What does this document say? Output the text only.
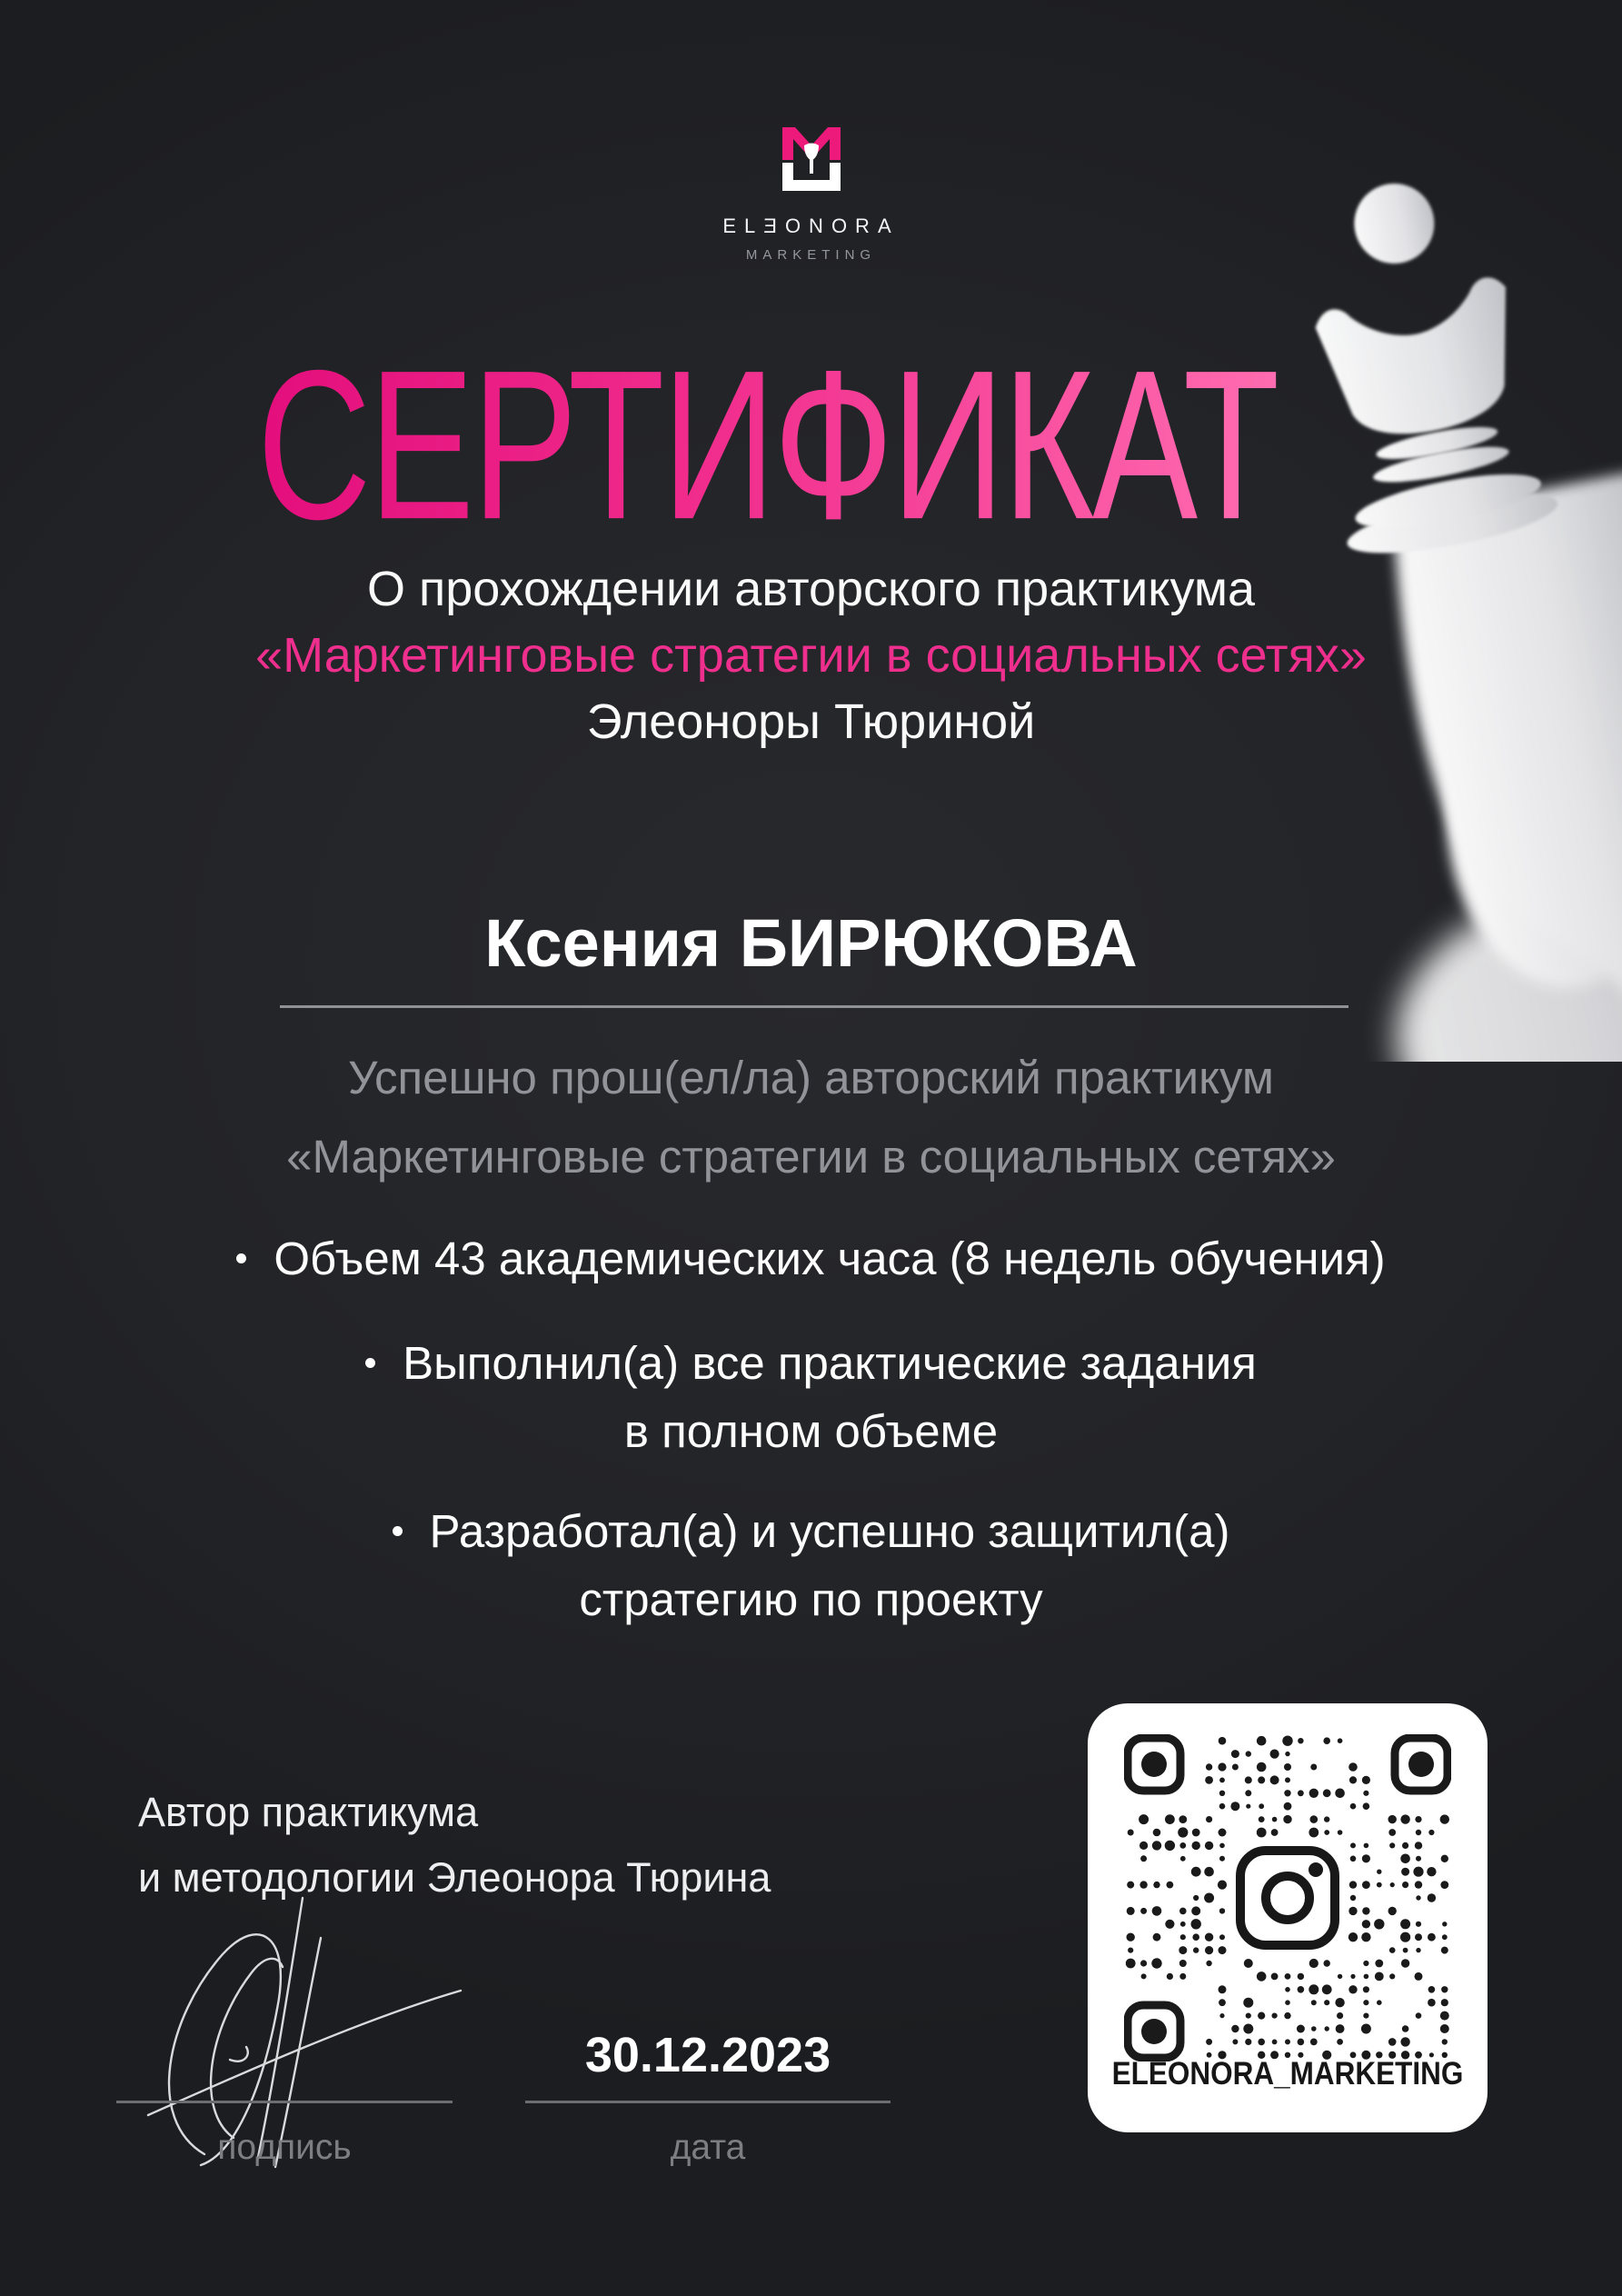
ELƎONORA
MARKETING
СЕРТИФИКАТ
О прохождении авторского практикума
«Маркетинговые стратегии в социальных сетях»
Элеоноры Тюриной
Ксения БИРЮКОВА
Успешно прош(ел/ла) авторский практикум
«Маркетинговые стратегии в социальных сетях»
Объем 43 академических часа (8 недель обучения)
Выполнил(а) все практические задания
в полном объеме
Разработал(а) и успешно защитил(а)
стратегию по проекту
Автор практикума
и методологии Элеонора Тюрина
30.12.2023
подпись	дата
ELEONORA_MARKETING
